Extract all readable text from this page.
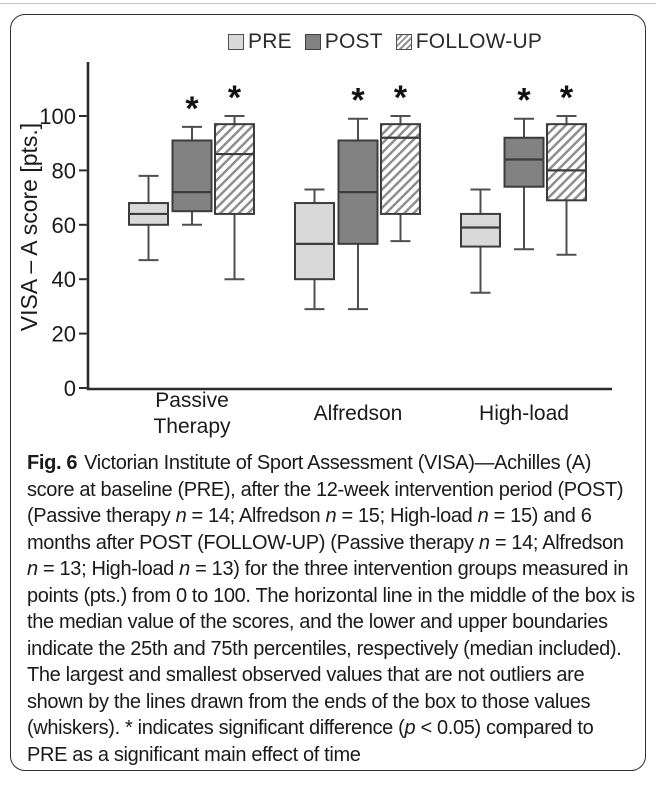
PRE POST FOLLOW-UP
0
20
40
60
80
100
VISA – A score [pts.]
* *
Passive
Therapy
* *
Alfredson
* *
High-load
Fig. 6 Victorian Institute of Sport Assessment (VISA)—Achilles (A) score at baseline (PRE), after the 12-week intervention period (POST) (Passive therapy n = 14; Alfredson n = 15; High-load n = 15) and 6 months after POST (FOLLOW-UP) (Passive therapy n = 14; Alfredson n = 13; High-load n = 13) for the three intervention groups measured in points (pts.) from 0 to 100. The horizontal line in the middle of the box is the median value of the scores, and the lower and upper boundaries indicate the 25th and 75th percentiles, respectively (median included). The largest and smallest observed values that are not outliers are shown by the lines drawn from the ends of the box to those values (whiskers). * indicates significant difference (p < 0.05) compared to PRE as a significant main effect of time
